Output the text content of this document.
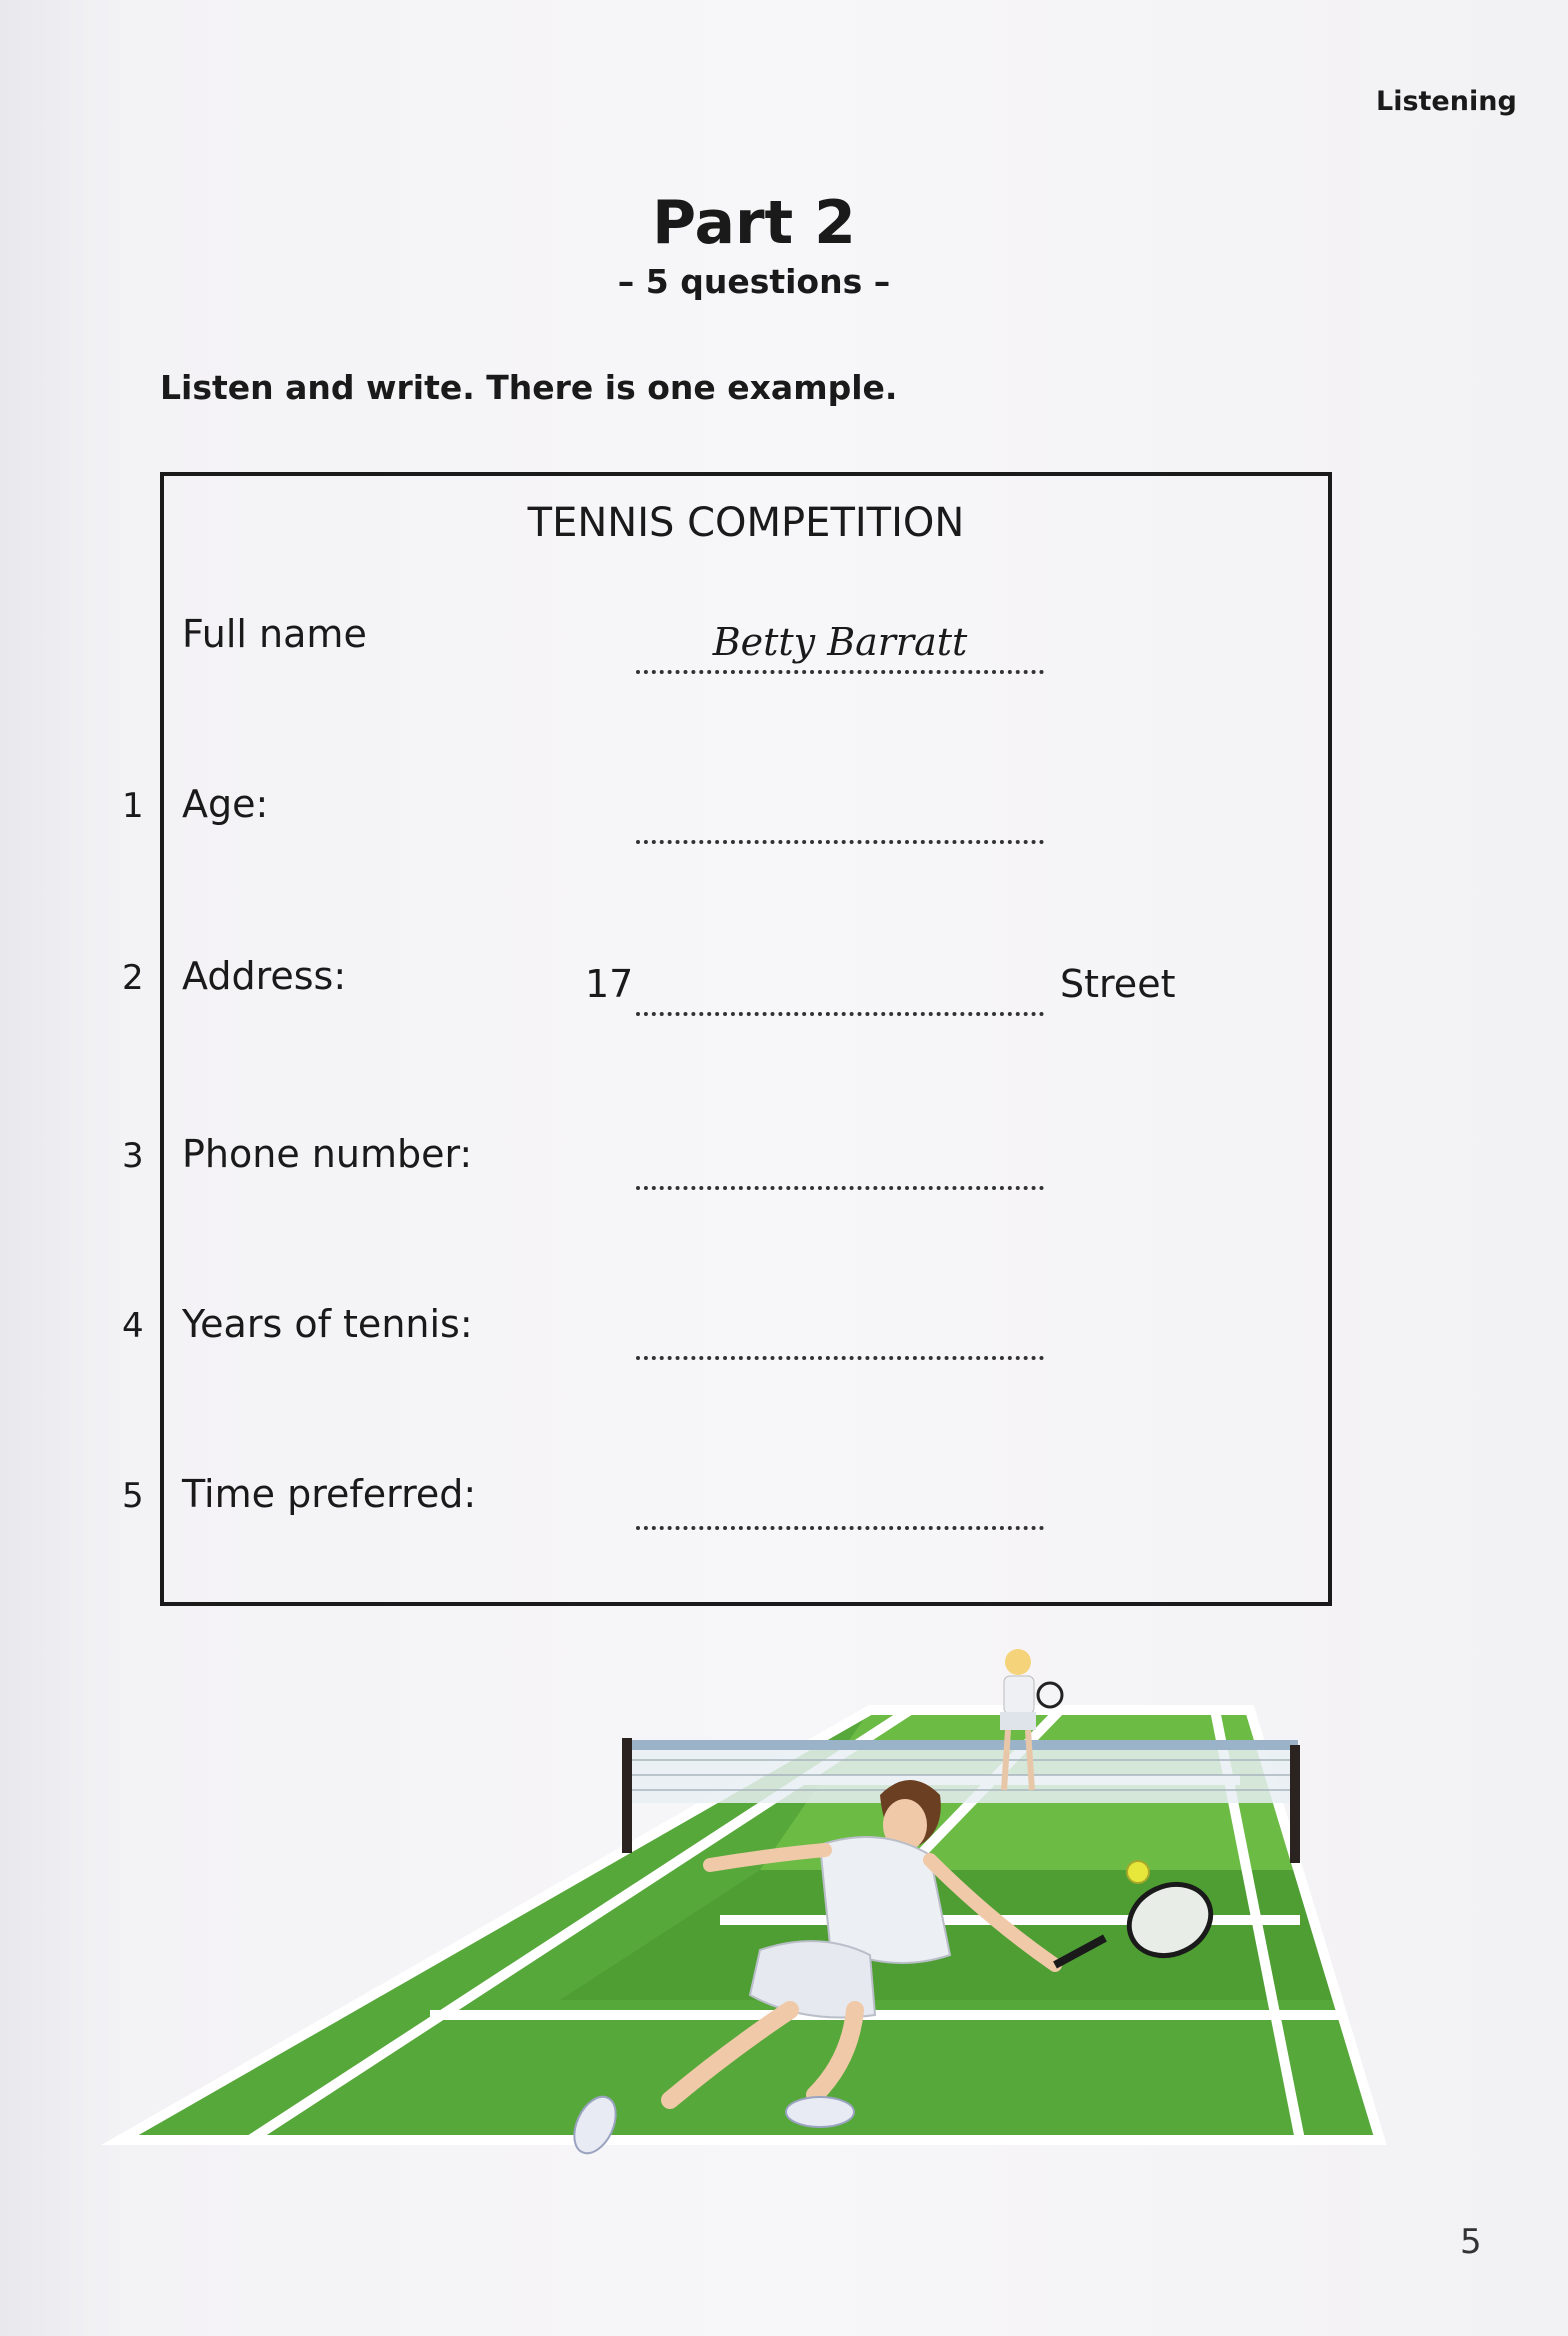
Listening
Part 2
– 5 questions –
Listen and write. There is one example.
TENNIS COMPETITION
Full name	Betty Barratt
1 Age:
2 Address:	17	Street
3 Phone number:
4 Years of tennis:
5 Time preferred:
5
